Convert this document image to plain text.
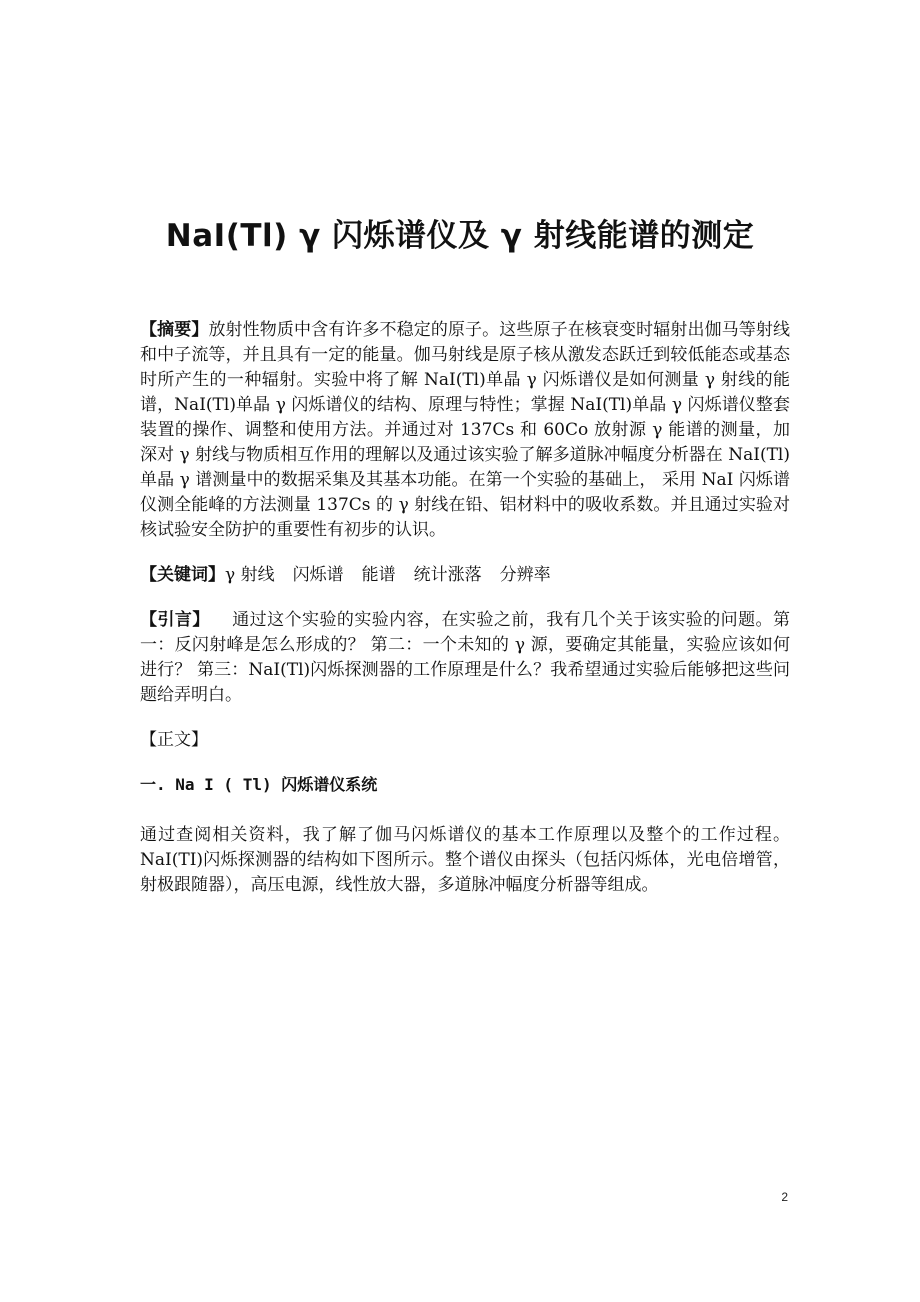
NaI(Tl) γ 闪烁谱仪及 γ 射线能谱的测定

【摘要】放射性物质中含有许多不稳定的原子。这些原子在核衰变时辐射出伽马等射线和中子流等，并且具有一定的能量。伽马射线是原子核从激发态跃迁到较低能态或基态时所产生的一种辐射。实验中将了解 NaI(Tl)单晶 γ 闪烁谱仪是如何测量 γ 射线的能谱，NaI(Tl)单晶 γ 闪烁谱仪的结构、原理与特性；掌握 NaI(Tl)单晶 γ 闪烁谱仪整套装置的操作、调整和使用方法。并通过对 137Cs 和 60Co 放射源 γ 能谱的测量，加深对 γ 射线与物质相互作用的理解以及通过该实验了解多道脉冲幅度分析器在 NaI(Tl)单晶 γ 谱测量中的数据采集及其基本功能。在第一个实验的基础上， 采用 NaI 闪烁谱仪测全能峰的方法测量 137Cs 的 γ 射线在铅、铝材料中的吸收系数。并且通过实验对核试验安全防护的重要性有初步的认识。

【关键词】γ 射线 闪烁谱 能谱 统计涨落 分辨率

【引言】 通过这个实验的实验内容，在实验之前，我有几个关于该实验的问题。第一：反闪射峰是怎么形成的？ 第二：一个未知的 γ 源，要确定其能量，实验应该如何进行？ 第三：NaI(Tl)闪烁探测器的工作原理是什么？我希望通过实验后能够把这些问题给弄明白。

【正文】

一. Na I ( Tl) 闪烁谱仪系统

通过查阅相关资料，我了解了伽马闪烁谱仪的基本工作原理以及整个的工作过程。NaI(TI)闪烁探测器的结构如下图所示。整个谱仪由探头（包括闪烁体，光电倍增管，射极跟随器），高压电源，线性放大器，多道脉冲幅度分析器等组成。

2
